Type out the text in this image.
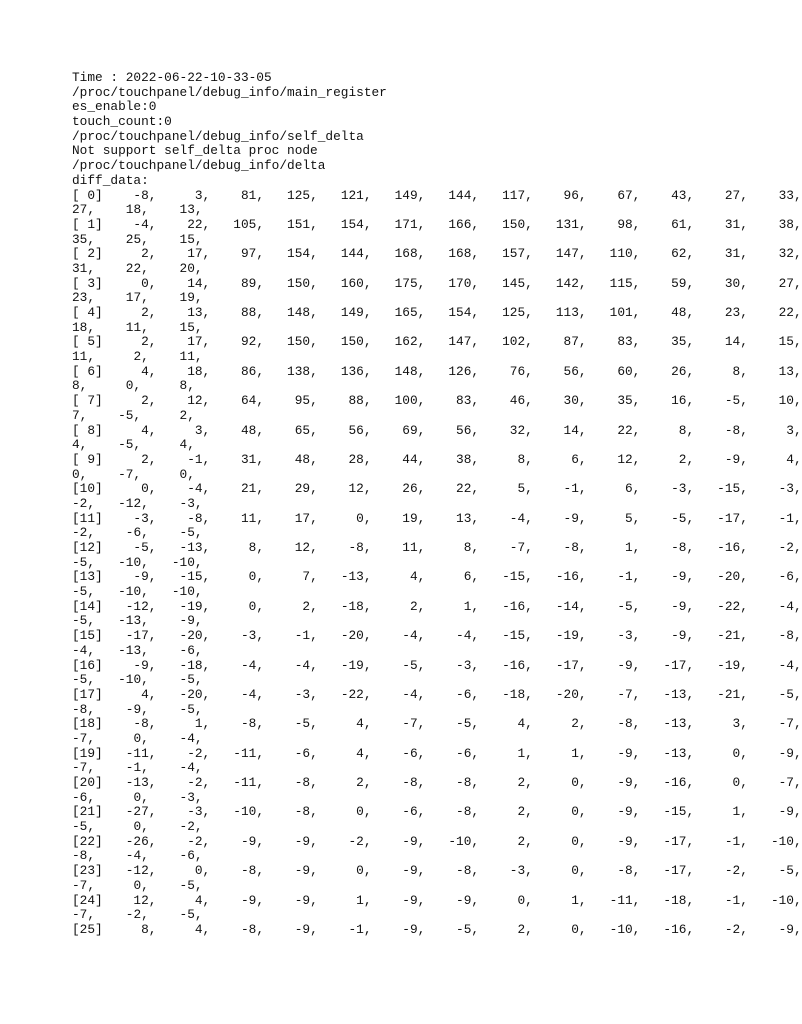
Time : 2022-06-22-10-33-05
/proc/touchpanel/debug_info/main_register
es_enable:0
touch_count:0
/proc/touchpanel/debug_info/self_delta
Not support self_delta proc node
/proc/touchpanel/debug_info/delta
diff_data:
[ 0]    -8,     3,    81,   125,   121,   149,   144,   117,    96,    67,    43,    27,    33,
27,    18,    13,
[ 1]    -4,    22,   105,   151,   154,   171,   166,   150,   131,    98,    61,    31,    38,
35,    25,    15,
[ 2]     2,    17,    97,   154,   144,   168,   168,   157,   147,   110,    62,    31,    32,
31,    22,    20,
[ 3]     0,    14,    89,   150,   160,   175,   170,   145,   142,   115,    59,    30,    27,
23,    17,    19,
[ 4]     2,    13,    88,   148,   149,   165,   154,   125,   113,   101,    48,    23,    22,
18,    11,    15,
[ 5]     2,    17,    92,   150,   150,   162,   147,   102,    87,    83,    35,    14,    15,
11,     2,    11,
[ 6]     4,    18,    86,   138,   136,   148,   126,    76,    56,    60,    26,     8,    13,
8,     0,     8,
[ 7]     2,    12,    64,    95,    88,   100,    83,    46,    30,    35,    16,    -5,    10,
7,    -5,     2,
[ 8]     4,     3,    48,    65,    56,    69,    56,    32,    14,    22,     8,    -8,     3,
4,    -5,     4,
[ 9]     2,    -1,    31,    48,    28,    44,    38,     8,     6,    12,     2,    -9,     4,
0,    -7,     0,
[10]     0,    -4,    21,    29,    12,    26,    22,     5,    -1,     6,    -3,   -15,    -3,
-2,   -12,    -3,
[11]    -3,    -8,    11,    17,     0,    19,    13,    -4,    -9,     5,    -5,   -17,    -1,
-2,    -6,    -5,
[12]    -5,   -13,     8,    12,    -8,    11,     8,    -7,    -8,     1,    -8,   -16,    -2,
-5,   -10,   -10,
[13]    -9,   -15,     0,     7,   -13,     4,     6,   -15,   -16,    -1,    -9,   -20,    -6,
-5,   -10,   -10,
[14]   -12,   -19,     0,     2,   -18,     2,     1,   -16,   -14,    -5,    -9,   -22,    -4,
-5,   -13,    -9,
[15]   -17,   -20,    -3,    -1,   -20,    -4,    -4,   -15,   -19,    -3,    -9,   -21,    -8,
-4,   -13,    -6,
[16]    -9,   -18,    -4,    -4,   -19,    -5,    -3,   -16,   -17,    -9,   -17,   -19,    -4,
-5,   -10,    -5,
[17]     4,   -20,    -4,    -3,   -22,    -4,    -6,   -18,   -20,    -7,   -13,   -21,    -5,
-8,    -9,    -5,
[18]    -8,     1,    -8,    -5,     4,    -7,    -5,     4,     2,    -8,   -13,     3,    -7,
-7,     0,    -4,
[19]   -11,    -2,   -11,    -6,     4,    -6,    -6,     1,     1,    -9,   -13,     0,    -9,
-7,    -1,    -4,
[20]   -13,    -2,   -11,    -8,     2,    -8,    -8,     2,     0,    -9,   -16,     0,    -7,
-6,     0,    -3,
[21]   -27,    -3,   -10,    -8,     0,    -6,    -8,     2,     0,    -9,   -15,     1,    -9,
-5,     0,    -2,
[22]   -26,    -2,    -9,    -9,    -2,    -9,   -10,     2,     0,    -9,   -17,    -1,   -10,
-8,    -4,    -6,
[23]   -12,     0,    -8,    -9,     0,    -9,    -8,    -3,     0,    -8,   -17,    -2,    -5,
-7,     0,    -5,
[24]    12,     4,    -9,    -9,     1,    -9,    -9,     0,     1,   -11,   -18,    -1,   -10,
-7,    -2,    -5,
[25]     8,     4,    -8,    -9,    -1,    -9,    -5,     2,     0,   -10,   -16,    -2,    -9,
